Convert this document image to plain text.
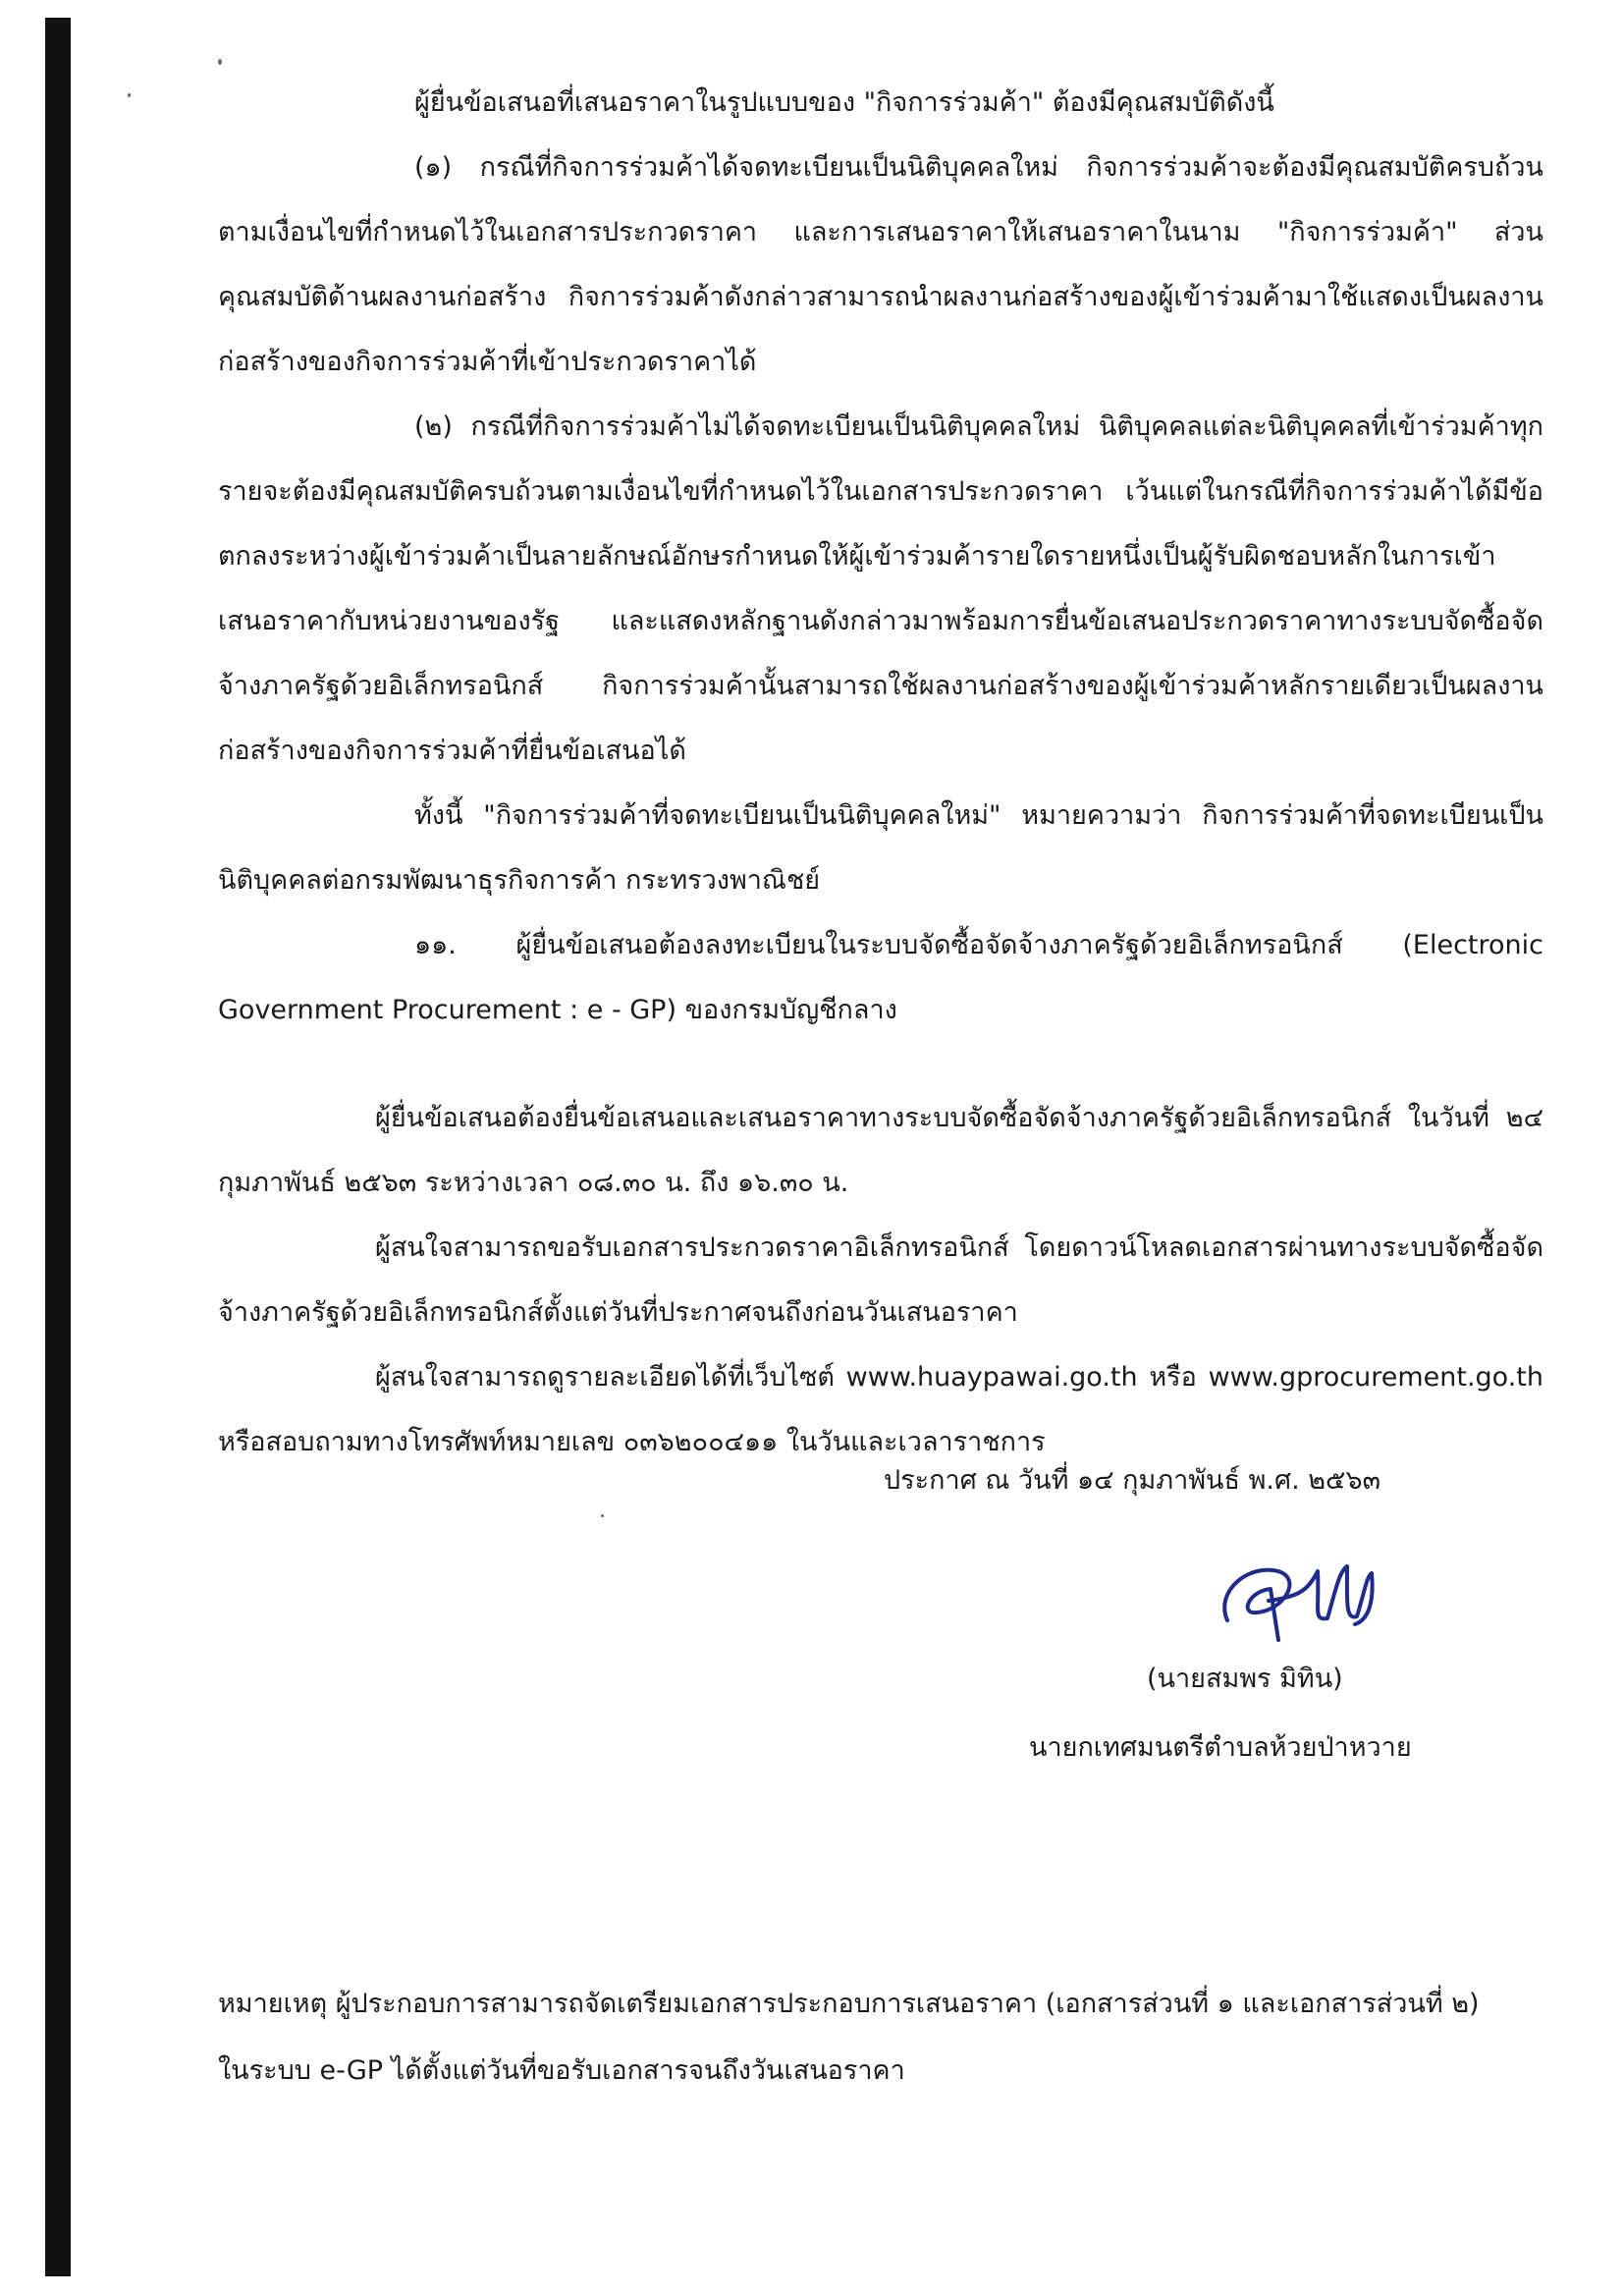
ผู้ยื่นข้อเสนอที่เสนอราคาในรูปแบบของ "กิจการร่วมค้า" ต้องมีคุณสมบัติดังนี้

(๑) กรณีที่กิจการร่วมค้าได้จดทะเบียนเป็นนิติบุคคลใหม่ กิจการร่วมค้าจะต้องมีคุณสมบัติครบถ้วนตามเงื่อนไขที่กำหนดไว้ในเอกสารประกวดราคา และการเสนอราคาให้เสนอราคาในนาม "กิจการร่วมค้า" ส่วนคุณสมบัติด้านผลงานก่อสร้าง กิจการร่วมค้าดังกล่าวสามารถนำผลงานก่อสร้างของผู้เข้าร่วมค้ามาใช้แสดงเป็นผลงานก่อสร้างของกิจการร่วมค้าที่เข้าประกวดราคาได้

(๒) กรณีที่กิจการร่วมค้าไม่ได้จดทะเบียนเป็นนิติบุคคลใหม่ นิติบุคคลแต่ละนิติบุคคลที่เข้าร่วมค้าทุกรายจะต้องมีคุณสมบัติครบถ้วนตามเงื่อนไขที่กำหนดไว้ในเอกสารประกวดราคา เว้นแต่ในกรณีที่กิจการร่วมค้าได้มีข้อตกลงระหว่างผู้เข้าร่วมค้าเป็นลายลักษณ์อักษรกำหนดให้ผู้เข้าร่วมค้ารายใดรายหนึ่งเป็นผู้รับผิดชอบหลักในการเข้าเสนอราคากับหน่วยงานของรัฐ และแสดงหลักฐานดังกล่าวมาพร้อมการยื่นข้อเสนอประกวดราคาทางระบบจัดซื้อจัดจ้างภาครัฐด้วยอิเล็กทรอนิกส์ กิจการร่วมค้านั้นสามารถใช้ผลงานก่อสร้างของผู้เข้าร่วมค้าหลักรายเดียวเป็นผลงานก่อสร้างของกิจการร่วมค้าที่ยื่นข้อเสนอได้

ทั้งนี้ "กิจการร่วมค้าที่จดทะเบียนเป็นนิติบุคคลใหม่" หมายความว่า กิจการร่วมค้าที่จดทะเบียนเป็นนิติบุคคลต่อกรมพัฒนาธุรกิจการค้า กระทรวงพาณิชย์

๑๑. ผู้ยื่นข้อเสนอต้องลงทะเบียนในระบบจัดซื้อจัดจ้างภาครัฐด้วยอิเล็กทรอนิกส์ (Electronic Government Procurement : e - GP) ของกรมบัญชีกลาง

ผู้ยื่นข้อเสนอต้องยื่นข้อเสนอและเสนอราคาทางระบบจัดซื้อจัดจ้างภาครัฐด้วยอิเล็กทรอนิกส์ ในวันที่ ๒๔ กุมภาพันธ์ ๒๕๖๓ ระหว่างเวลา ๐๘.๓๐ น. ถึง ๑๖.๓๐ น.

ผู้สนใจสามารถขอรับเอกสารประกวดราคาอิเล็กทรอนิกส์ โดยดาวน์โหลดเอกสารผ่านทางระบบจัดซื้อจัดจ้างภาครัฐด้วยอิเล็กทรอนิกส์ตั้งแต่วันที่ประกาศจนถึงก่อนวันเสนอราคา

ผู้สนใจสามารถดูรายละเอียดได้ที่เว็บไซต์ www.huaypawai.go.th หรือ www.gprocurement.go.th หรือสอบถามทางโทรศัพท์หมายเลข ๐๓๖๒๐๐๔๑๑ ในวันและเวลาราชการ

ประกาศ ณ วันที่ ๑๔ กุมภาพันธ์ พ.ศ. ๒๕๖๓
(นายสมพร มิทิน)
นายกเทศมนตรีตำบลห้วยป่าหวาย

หมายเหตุ ผู้ประกอบการสามารถจัดเตรียมเอกสารประกอบการเสนอราคา (เอกสารส่วนที่ ๑ และเอกสารส่วนที่ ๒)

ในระบบ e-GP ได้ตั้งแต่วันที่ขอรับเอกสารจนถึงวันเสนอราคา
